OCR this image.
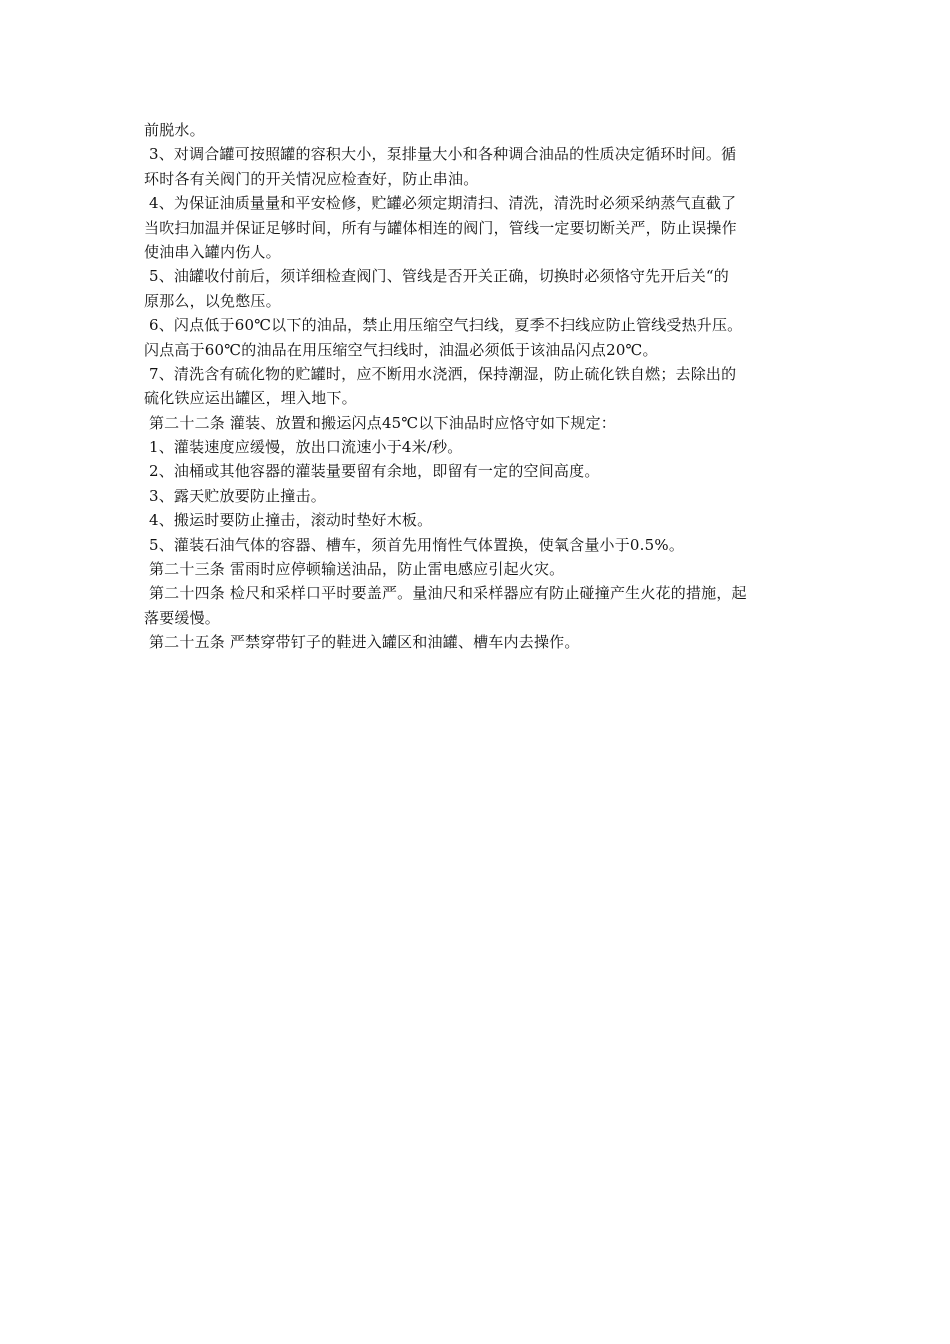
前脱水。
3、对调合罐可按照罐的容积大小，泵排量大小和各种调合油品的性质决定循环时间。循
环时各有关阀门的开关情况应检查好，防止串油。
4、为保证油质量量和平安检修，贮罐必须定期清扫、清洗，清洗时必须采纳蒸气直截了
当吹扫加温并保证足够时间，所有与罐体相连的阀门，管线一定要切断关严，防止误操作
使油串入罐内伤人。
5、油罐收付前后，须详细检查阀门、管线是否开关正确，切换时必须恪守先开后关“的
原那么，以免憋压。
6、闪点低于60℃以下的油品，禁止用压缩空气扫线，夏季不扫线应防止管线受热升压。
闪点高于60℃的油品在用压缩空气扫线时，油温必须低于该油品闪点20℃。
7、清洗含有硫化物的贮罐时，应不断用水浇洒，保持潮湿，防止硫化铁自燃；去除出的
硫化铁应运出罐区，埋入地下。
第二十二条 灌装、放置和搬运闪点45℃以下油品时应恪守如下规定：
1、灌装速度应缓慢，放出口流速小于4米/秒。
2、油桶或其他容器的灌装量要留有余地，即留有一定的空间高度。
3、露天贮放要防止撞击。
4、搬运时要防止撞击，滚动时垫好木板。
5、灌装石油气体的容器、槽车，须首先用惰性气体置换，使氧含量小于0.5%。
第二十三条 雷雨时应停顿输送油品，防止雷电感应引起火灾。
第二十四条 检尺和采样口平时要盖严。量油尺和采样器应有防止碰撞产生火花的措施，起
落要缓慢。
第二十五条 严禁穿带钉子的鞋进入罐区和油罐、槽车内去操作。
